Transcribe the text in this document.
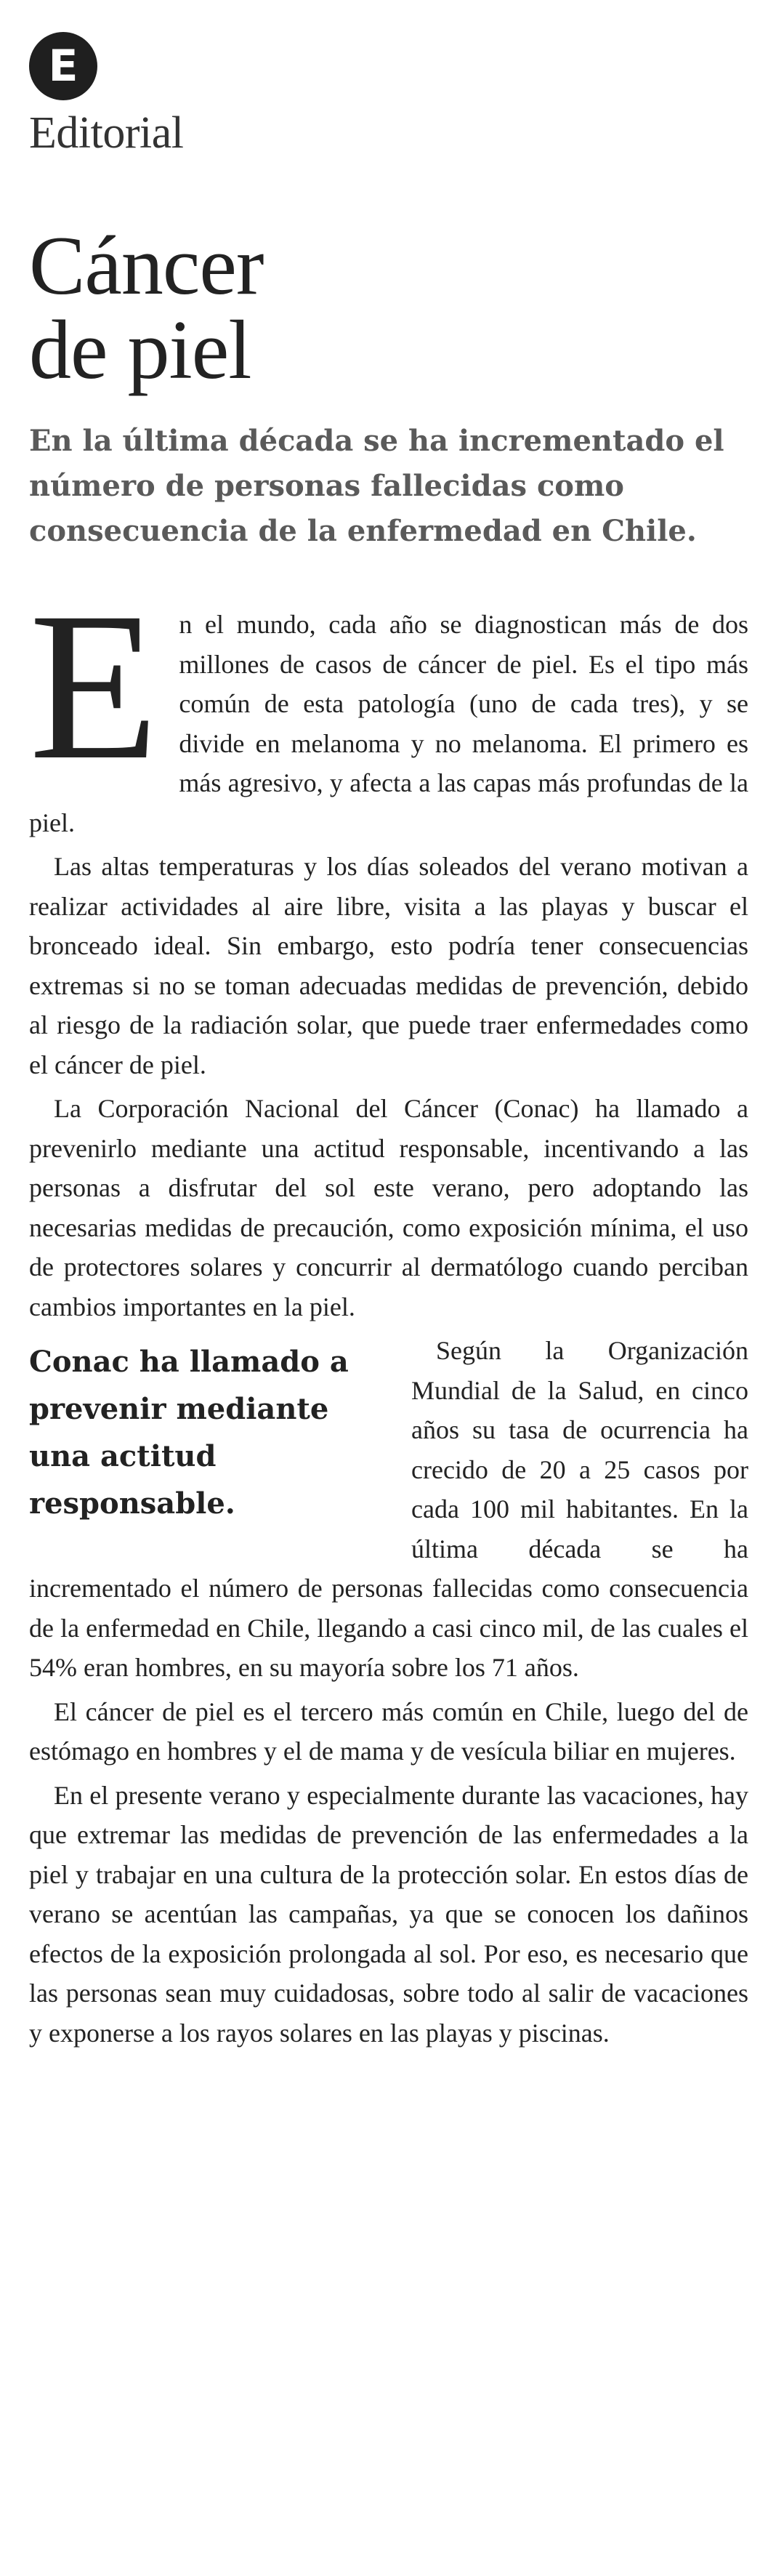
E
Editorial
Cáncer
de piel

En la última década se ha incrementado el número de personas fallecidas como consecuencia de la enfermedad en Chile.

En el mundo, cada año se diagnostican más de dos millones de casos de cáncer de piel. Es el tipo más común de esta patología (uno de cada tres), y se divide en melanoma y no melanoma. El primero es más agresivo, y afecta a las capas más profundas de la piel.

Las altas temperaturas y los días soleados del verano motivan a realizar actividades al aire libre, visita a las playas y buscar el bronceado ideal. Sin embargo, esto podría tener consecuencias extremas si no se toman adecuadas medidas de prevención, debido al riesgo de la radiación solar, que puede traer enfermedades como el cáncer de piel.

La Corporación Nacional del Cáncer (Conac) ha llamado a prevenirlo mediante una actitud responsable, incentivando a las personas a disfrutar del sol este verano, pero adoptando las necesarias medidas de precaución, como exposición mínima, el uso de protectores solares y concurrir al dermatólogo cuando perciban cambios importantes en la piel.

Conac ha llamado a prevenir mediante una actitud responsable.

Según la Organización Mundial de la Salud, en cinco años su tasa de ocurrencia ha crecido de 20 a 25 casos por cada 100 mil habitantes. En la última década se ha incrementado el número de personas fallecidas como consecuencia de la enfermedad en Chile, llegando a casi cinco mil, de las cuales el 54% eran hombres, en su mayoría sobre los 71 años.

El cáncer de piel es el tercero más común en Chile, luego del de estómago en hombres y el de mama y de vesícula biliar en mujeres.

En el presente verano y especialmente durante las vacaciones, hay que extremar las medidas de prevención de las enfermedades a la piel y trabajar en una cultura de la protección solar. En estos días de verano se acentúan las campañas, ya que se conocen los dañinos efectos de la exposición prolongada al sol. Por eso, es necesario que las personas sean muy cuidadosas, sobre todo al salir de vacaciones y exponerse a los rayos solares en las playas y piscinas.
